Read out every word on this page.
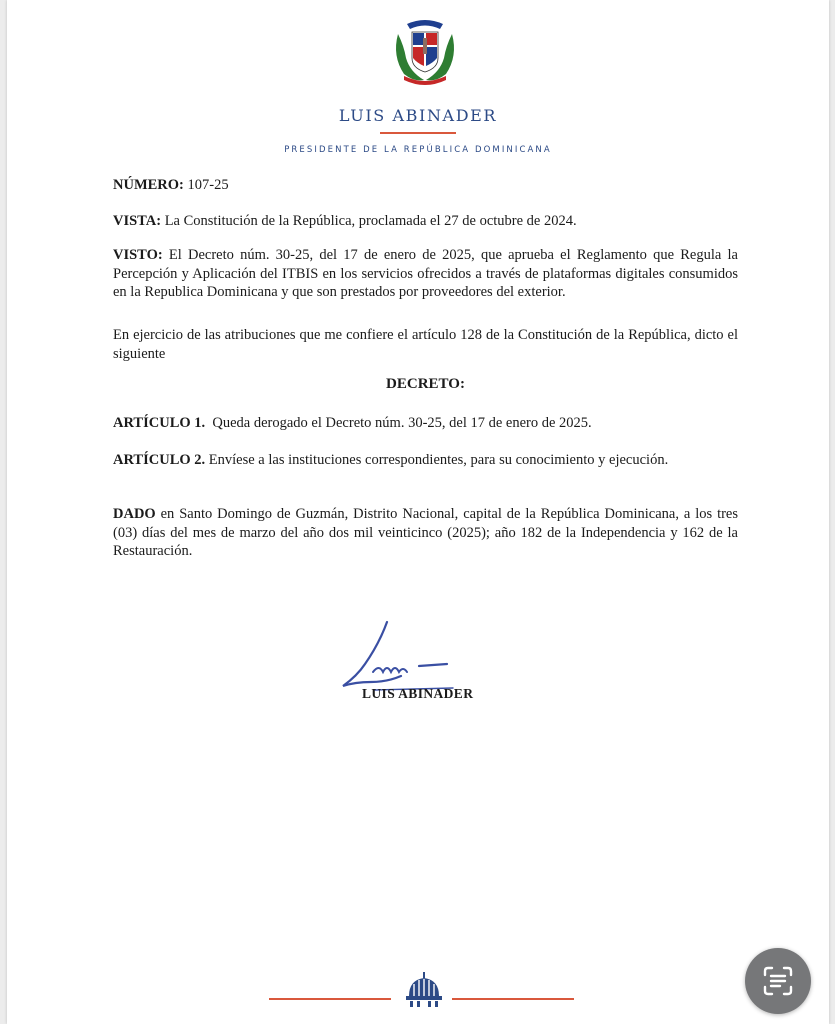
LUIS ABINADER
PRESIDENTE DE LA REPÚBLICA DOMINICANA

NÚMERO: 107-25

VISTA: La Constitución de la República, proclamada el 27 de octubre de 2024.

VISTO: El Decreto núm. 30-25, del 17 de enero de 2025, que aprueba el Reglamento que Regula la Percepción y Aplicación del ITBIS en los servicios ofrecidos a través de plataformas digitales consumidos en la Republica Dominicana y que son prestados por proveedores del exterior.

En ejercicio de las atribuciones que me confiere el artículo 128 de la Constitución de la República, dicto el siguiente

DECRETO:

ARTÍCULO 1. Queda derogado el Decreto núm. 30-25, del 17 de enero de 2025.

ARTÍCULO 2. Envíese a las instituciones correspondientes, para su conocimiento y ejecución.

DADO en Santo Domingo de Guzmán, Distrito Nacional, capital de la República Dominicana, a los tres (03) días del mes de marzo del año dos mil veinticinco (2025); año 182 de la Independencia y 162 de la Restauración.

LUIS ABINADER
